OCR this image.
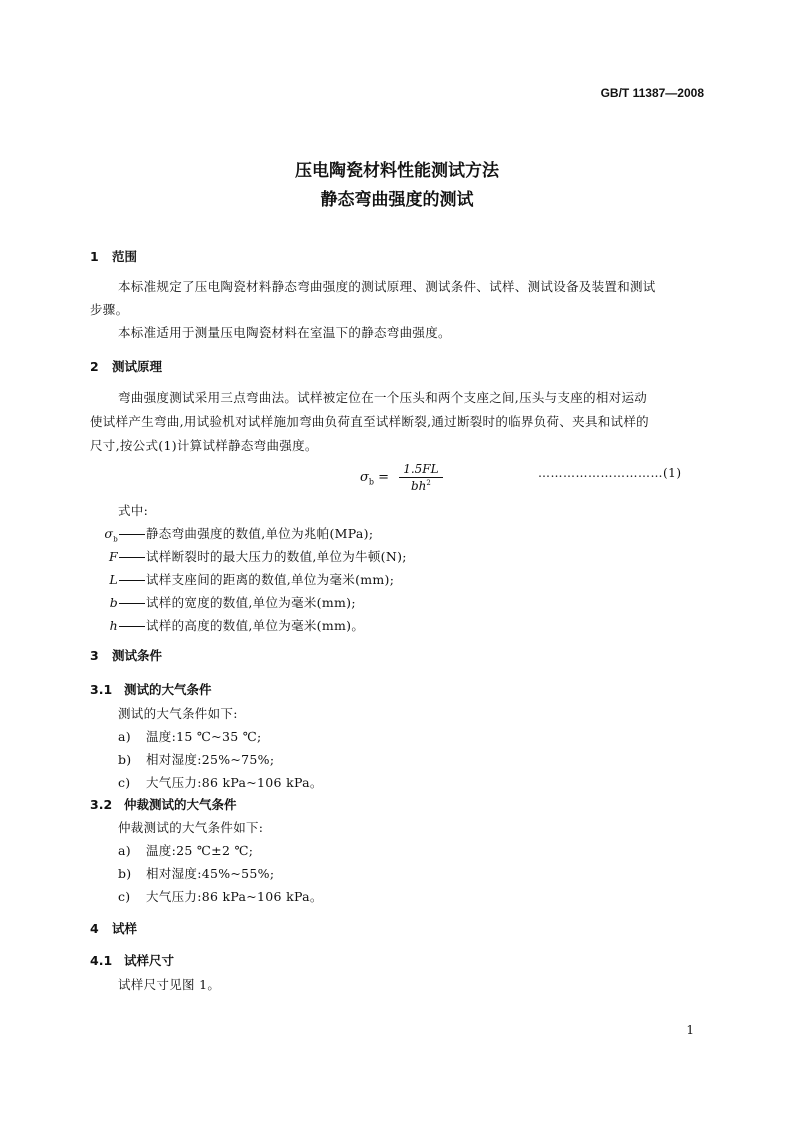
GB/T 11387—2008
压电陶瓷材料性能测试方法
静态弯曲强度的测试
1 范围
本标准规定了压电陶瓷材料静态弯曲强度的测试原理、测试条件、试样、测试设备及装置和测试
步骤。
本标准适用于测量压电陶瓷材料在室温下的静态弯曲强度。
2 测试原理
弯曲强度测试采用三点弯曲法。试样被定位在一个压头和两个支座之间,压头与支座的相对运动
使试样产生弯曲,用试验机对试样施加弯曲负荷直至试样断裂,通过断裂时的临界负荷、夹具和试样的
尺寸,按公式(1)计算试样静态弯曲强度。
$\sigma_b = \frac{1.5FL}{bh^2}$	…………………………(1)
式中:
$\sigma_b$ 静态弯曲强度的数值,单位为兆帕(MPa);
F 试样断裂时的最大压力的数值,单位为牛顿(N);
L 试样支座间的距离的数值,单位为毫米(mm);
b 试样的宽度的数值,单位为毫米(mm);
h 试样的高度的数值,单位为毫米(mm)。
3 测试条件
3.1 测试的大气条件
测试的大气条件如下:
a) 温度:15 ℃~35 ℃;
b) 相对湿度:25%~75%;
c) 大气压力:86 kPa~106 kPa。
3.2 仲裁测试的大气条件
仲裁测试的大气条件如下:
a) 温度:25 ℃±2 ℃;
b) 相对湿度:45%~55%;
c) 大气压力:86 kPa~106 kPa。
4 试样
4.1 试样尺寸
试样尺寸见图 1。
1
